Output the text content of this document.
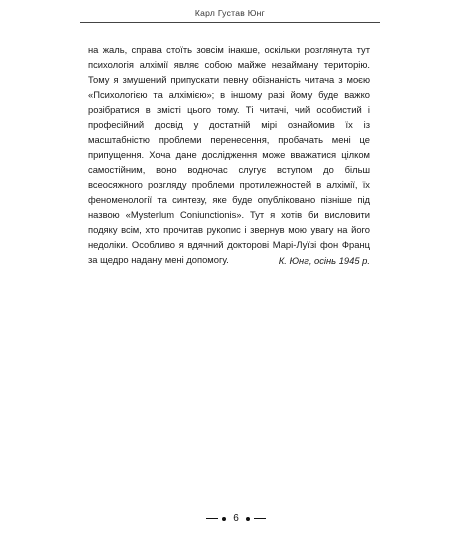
Карл Густав Юнг

на жаль, справа стоїть зовсім інакше, оскільки розглянута тут психологія алхімії являє собою майже незайману територію. Тому я змушений припускати певну обізнаність читача з моєю «Психологією та алхімією»; в іншому разі йому буде важко розібратися в змісті цього тому. Ті читачі, чий особистий і професійний досвід у достатній мірі ознайомив їх із масштабністю проблеми перенесення, пробачать мені це припущення. Хоча дане дослідження може вважатися цілком самостійним, воно водночас слугує вступом до більш всеосяжного розгляду проблеми протилежностей в алхімії, їх феноменології та синтезу, яке буде опубліковано пізніше під назвою «Mysterlum Coniunctionis». Тут я хотів би висловити подяку всім, хто прочитав рукопис і звернув мою увагу на його недоліки. Особливо я вдячний докторові Марі-Луїзі фон Франц за щедро надану мені допомогу.	К. Юнг, осінь 1945 р.

6
